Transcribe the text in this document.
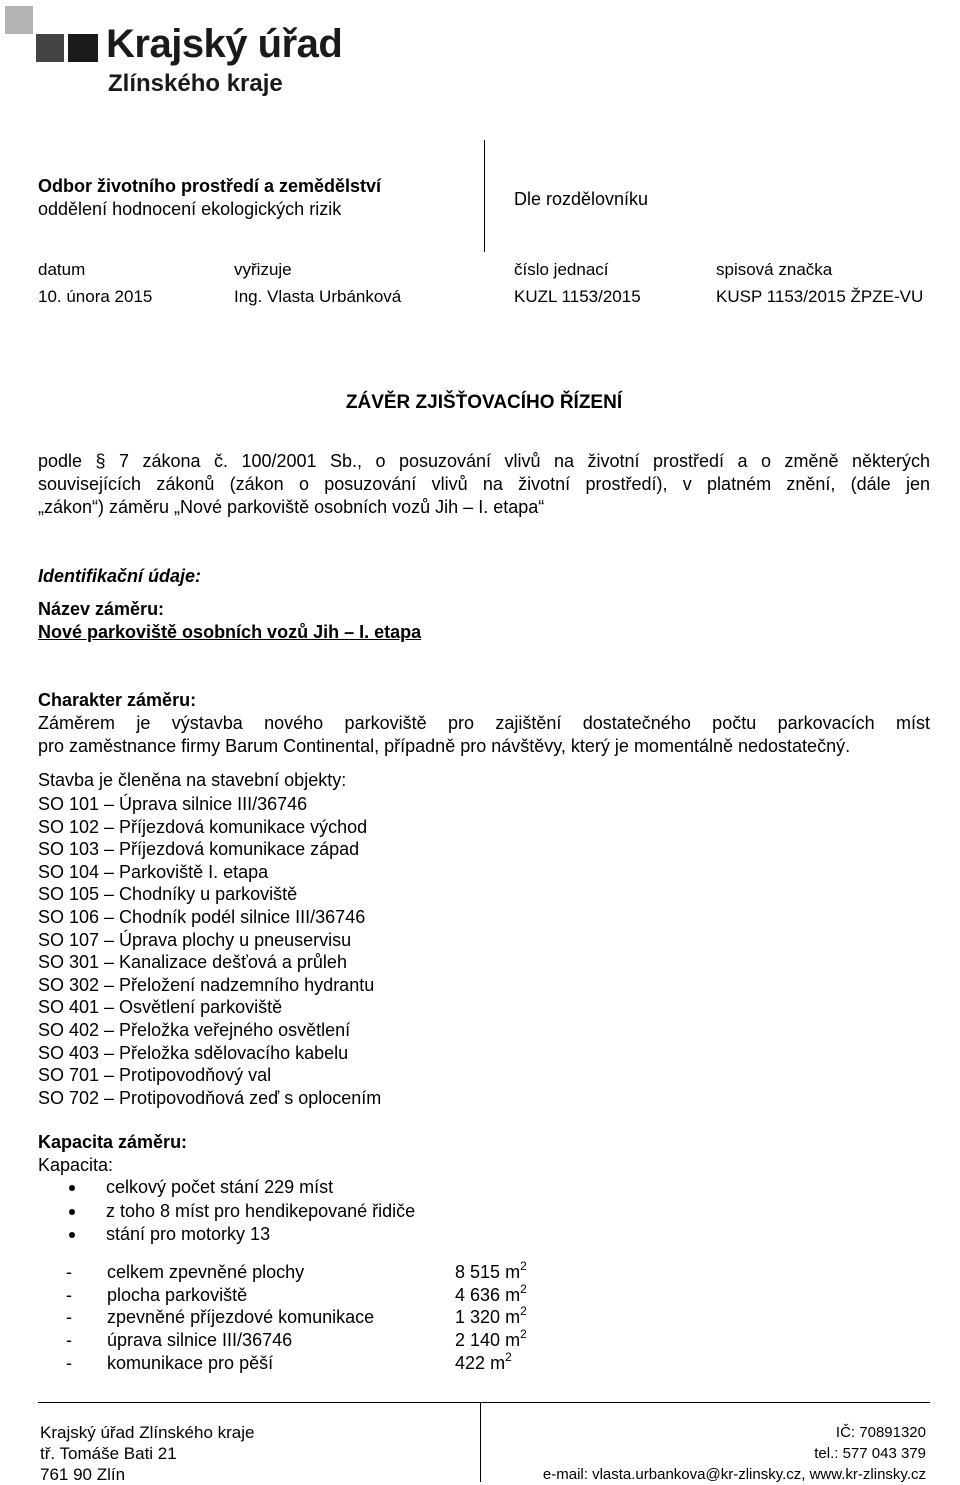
Krajský úřad
Zlínského kraje
Odbor životního prostředí a zemědělství
oddělení hodnocení ekologických rizik	Dle rozdělovníku
datum	vyřizuje	číslo jednací	spisová značka
10. února 2015	Ing. Vlasta Urbánková	KUZL 1153/2015	KUSP 1153/2015 ŽPZE-VU
ZÁVĚR ZJIŠŤOVACÍHO ŘÍZENÍ
podle § 7 zákona č. 100/2001 Sb., o posuzování vlivů na životní prostředí a o změně některých
souvisejících zákonů (zákon o posuzování vlivů na životní prostředí), v platném znění, (dále jen
„zákon“) záměru „Nové parkoviště osobních vozů Jih – I. etapa“
Identifikační údaje:
Název záměru:
Nové parkoviště osobních vozů Jih – I. etapa
Charakter záměru:
Záměrem je výstavba nového parkoviště pro zajištění dostatečného počtu parkovacích míst
pro zaměstnance firmy Barum Continental, případně pro návštěvy, který je momentálně nedostatečný.
Stavba je členěna na stavební objekty:
SO 101 – Úprava silnice III/36746
SO 102 – Příjezdová komunikace východ
SO 103 – Příjezdová komunikace západ
SO 104 – Parkoviště I. etapa
SO 105 – Chodníky u parkoviště
SO 106 – Chodník podél silnice III/36746
SO 107 – Úprava plochy u pneuservisu
SO 301 – Kanalizace dešťová a průleh
SO 302 – Přeložení nadzemního hydrantu
SO 401 – Osvětlení parkoviště
SO 402 – Přeložka veřejného osvětlení
SO 403 – Přeložka sdělovacího kabelu
SO 701 – Protipovodňový val
SO 702 – Protipovodňová zeď s oplocením
Kapacita záměru:
Kapacita:
celkový počet stání 229 míst
z toho 8 míst pro hendikepované řidiče
stání pro motorky 13
- celkem zpevněné plochy	8 515 $m^2$
- plocha parkoviště	4 636 $m^2$
- zpevněné příjezdové komunikace	1 320 $m^2$
- úprava silnice III/36746	2 140 $m^2$
- komunikace pro pěší	422 $m^2$
Krajský úřad Zlínského kraje
tř. Tomáše Bati 21
761 90 Zlín
IČ: 70891320
tel.: 577 043 379
e-mail: vlasta.urbankova@kr-zlinsky.cz, www.kr-zlinsky.cz
